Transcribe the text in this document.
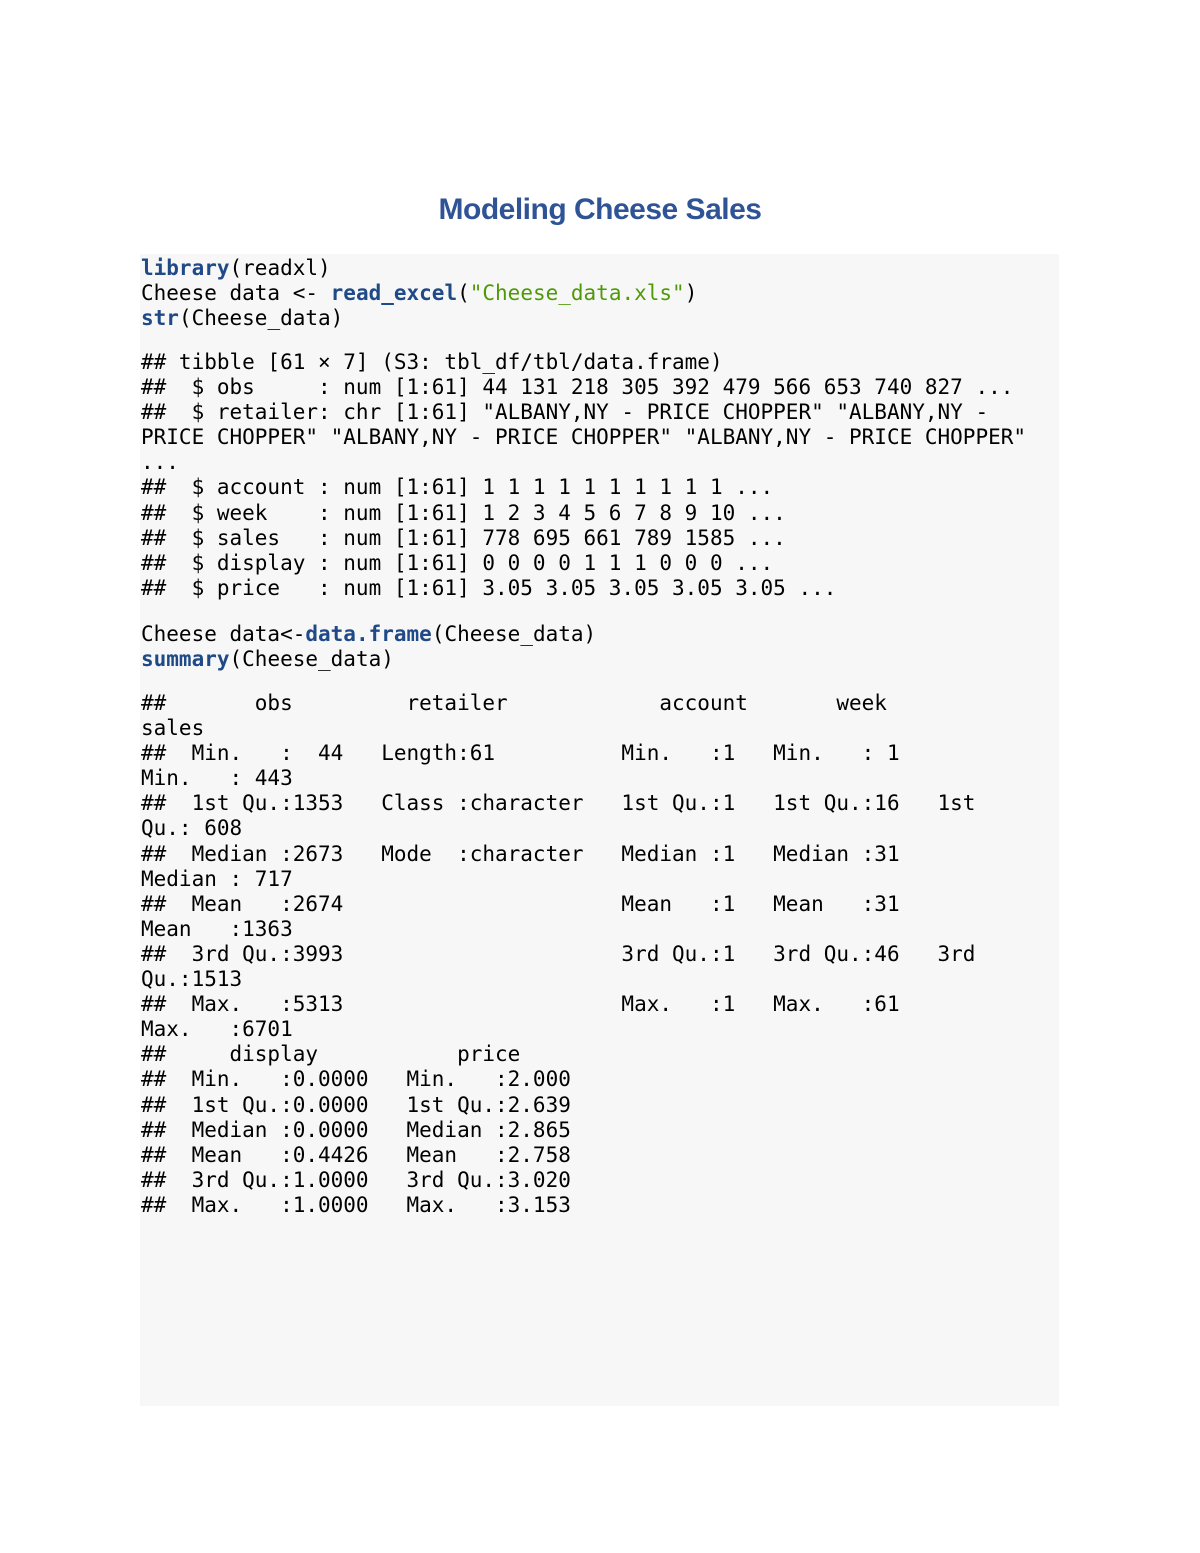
Modeling Cheese Sales
library(readxl)
Cheese data <- read_excel("Cheese_data.xls")
str(Cheese_data)
## tibble [61 × 7] (S3: tbl_df/tbl/data.frame)
##  $ obs     : num [1:61] 44 131 218 305 392 479 566 653 740 827 ...
##  $ retailer: chr [1:61] "ALBANY,NY - PRICE CHOPPER" "ALBANY,NY -
PRICE CHOPPER" "ALBANY,NY - PRICE CHOPPER" "ALBANY,NY - PRICE CHOPPER"
...
##  $ account : num [1:61] 1 1 1 1 1 1 1 1 1 1 ...
##  $ week    : num [1:61] 1 2 3 4 5 6 7 8 9 10 ...
##  $ sales   : num [1:61] 778 695 661 789 1585 ...
##  $ display : num [1:61] 0 0 0 0 1 1 1 0 0 0 ...
##  $ price   : num [1:61] 3.05 3.05 3.05 3.05 3.05 ...
Cheese data<-data.frame(Cheese_data)
summary(Cheese_data)
##       obs         retailer            account       week
sales
##  Min.   :  44   Length:61          Min.   :1   Min.   : 1
Min.   : 443
##  1st Qu.:1353   Class :character   1st Qu.:1   1st Qu.:16   1st
Qu.: 608
##  Median :2673   Mode  :character   Median :1   Median :31
Median : 717
##  Mean   :2674                      Mean   :1   Mean   :31
Mean   :1363
##  3rd Qu.:3993                      3rd Qu.:1   3rd Qu.:46   3rd
Qu.:1513
##  Max.   :5313                      Max.   :1   Max.   :61
Max.   :6701
##     display           price
##  Min.   :0.0000   Min.   :2.000
##  1st Qu.:0.0000   1st Qu.:2.639
##  Median :0.0000   Median :2.865
##  Mean   :0.4426   Mean   :2.758
##  3rd Qu.:1.0000   3rd Qu.:3.020
##  Max.   :1.0000   Max.   :3.153
